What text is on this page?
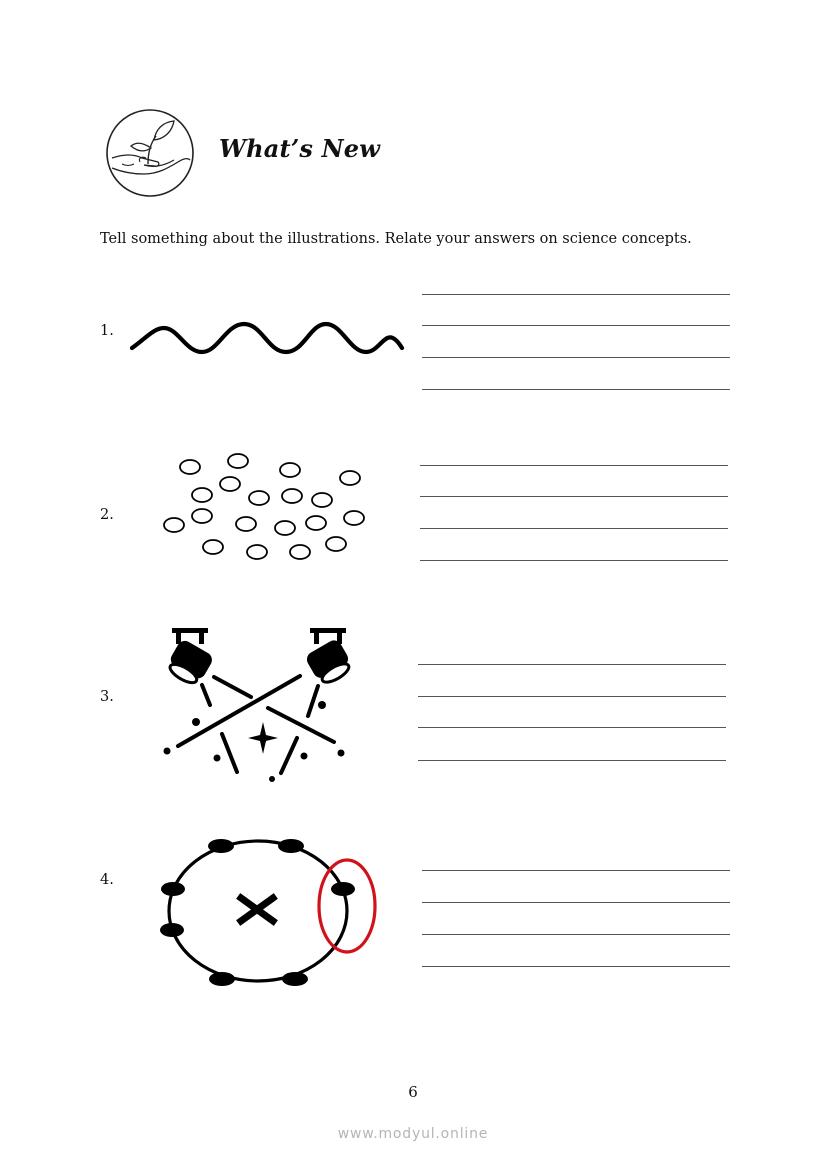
What’s New
Tell something about the illustrations. Relate your answers on science concepts.
1.
2.
3.
4.
6
www.modyul.online
